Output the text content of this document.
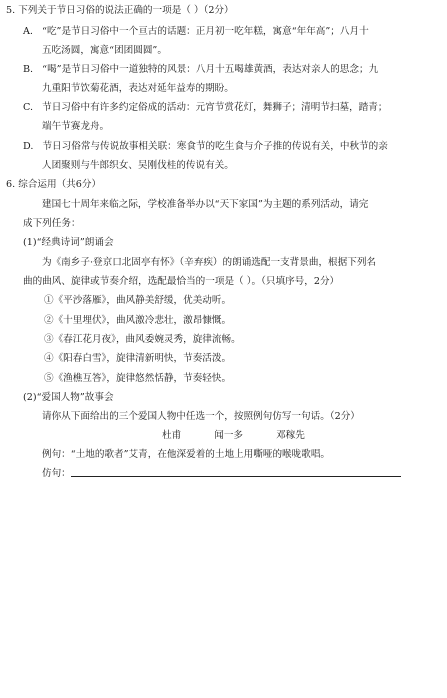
5. 下列关于节日习俗的说法正确的一项是（ ）（2分）
A. “吃”是节日习俗中一个亘古的话题：正月初一吃年糕，寓意“年年高”；八月十
五吃汤圆，寓意“团团圆圆”。
B. “喝”是节日习俗中一道独特的风景：八月十五喝雄黄酒，表达对亲人的思念；九
九重阳节饮菊花酒，表达对延年益寿的期盼。
C. 节日习俗中有许多约定俗成的活动：元宵节赏花灯，舞狮子；清明节扫墓，踏青；
端午节赛龙舟。
D. 节日习俗常与传说故事相关联：寒食节的吃生食与介子推的传说有关，中秋节的亲
人团聚则与牛郎织女、吴刚伐桂的传说有关。
6. 综合运用（共6分）
建国七十周年来临之际，学校准备举办以“天下家国”为主题的系列活动，请完
成下列任务：
(1)“经典诗词”朗诵会
为《南乡子·登京口北固亭有怀》（辛弃疾）的朗诵选配一支背景曲，根据下列名
曲的曲风、旋律或节奏介绍，选配最恰当的一项是（ ）。（只填序号，2分）
①《平沙落雁》，曲风静美舒缓，优美动听。
②《十里埋伏》，曲风激冷悲壮，激昂慷慨。
③《春江花月夜》，曲风委婉灵秀，旋律流畅。
④《阳春白雪》，旋律清新明快，节奏活泼。
⑤《渔樵互答》，旋律悠然恬静，节奏轻快。
(2)“爱国人物”故事会
请你从下面给出的三个爱国人物中任选一个，按照例句仿写一句话。（2分）
杜甫	闻一多	邓稼先
例句：“土地的歌者”艾青，在他深爱着的土地上用嘶哑的喉咙歌唱。
仿句：
